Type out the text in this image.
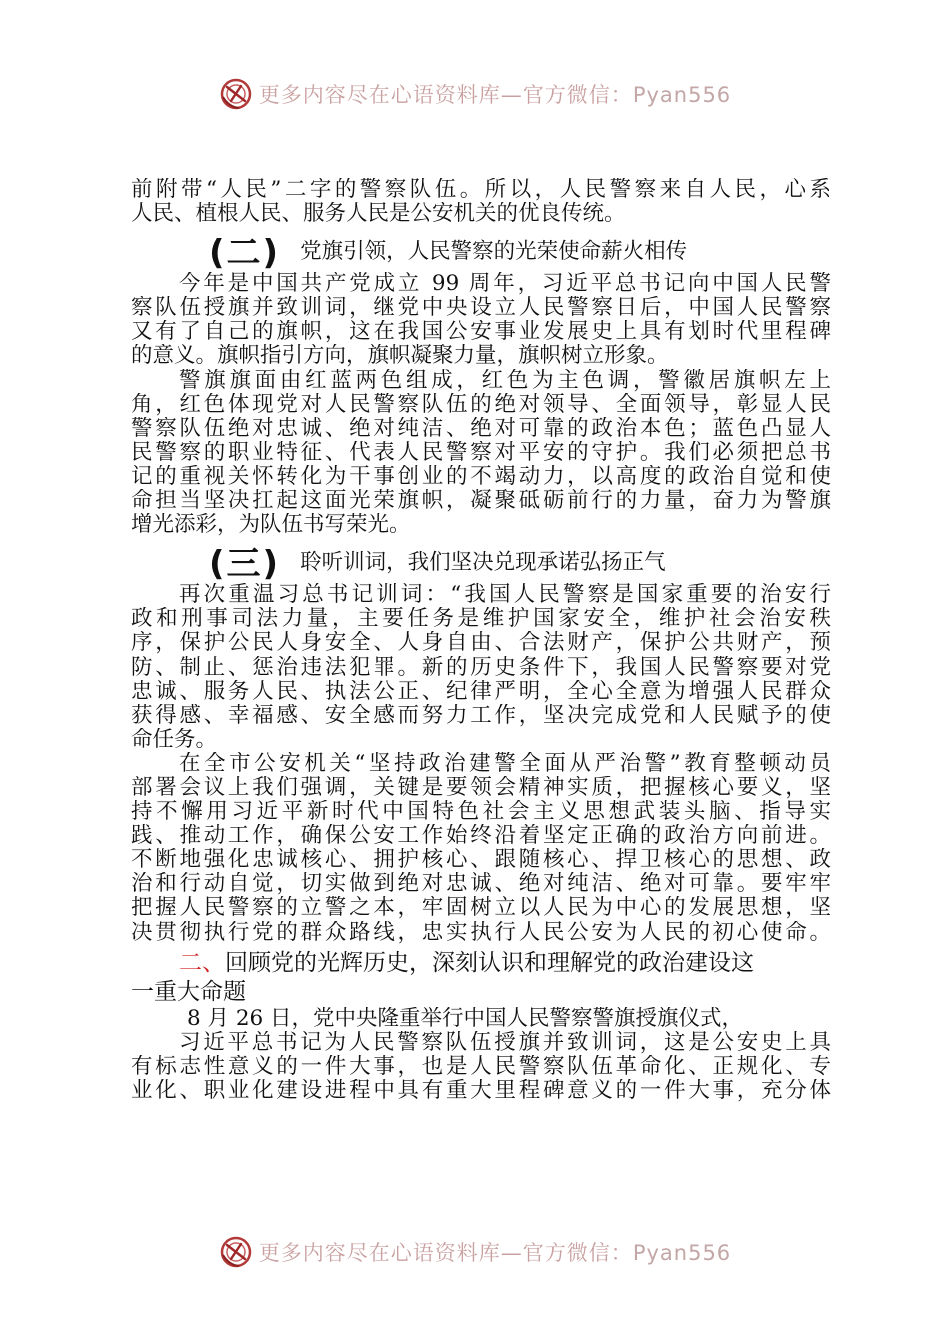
更多内容尽在心语资料库—官方微信：Pyan556
前附带“人民”二字的警察队伍。所以，人民警察来自人民，心系
人民、植根人民、服务人民是公安机关的优良传统。
(二) 党旗引领，人民警察的光荣使命薪火相传
今年是中国共产党成立 99 周年，习近平总书记向中国人民警
察队伍授旗并致训词，继党中央设立人民警察日后，中国人民警察
又有了自己的旗帜，这在我国公安事业发展史上具有划时代里程碑
的意义。旗帜指引方向，旗帜凝聚力量，旗帜树立形象。
警旗旗面由红蓝两色组成，红色为主色调，警徽居旗帜左上
角，红色体现党对人民警察队伍的绝对领导、全面领导，彰显人民
警察队伍绝对忠诚、绝对纯洁、绝对可靠的政治本色；蓝色凸显人
民警察的职业特征、代表人民警察对平安的守护。我们必须把总书
记的重视关怀转化为干事创业的不竭动力，以高度的政治自觉和使
命担当坚决扛起这面光荣旗帜，凝聚砥砺前行的力量，奋力为警旗
增光添彩，为队伍书写荣光。
(三) 聆听训词，我们坚决兑现承诺弘扬正气
再次重温习总书记训词：“我国人民警察是国家重要的治安行
政和刑事司法力量，主要任务是维护国家安全，维护社会治安秩
序，保护公民人身安全、人身自由、合法财产，保护公共财产，预
防、制止、惩治违法犯罪。新的历史条件下，我国人民警察要对党
忠诚、服务人民、执法公正、纪律严明，全心全意为增强人民群众
获得感、幸福感、安全感而努力工作，坚决完成党和人民赋予的使
命任务。
在全市公安机关“坚持政治建警全面从严治警”教育整顿动员
部署会议上我们强调，关键是要领会精神实质，把握核心要义，坚
持不懈用习近平新时代中国特色社会主义思想武装头脑、指导实
践、推动工作，确保公安工作始终沿着坚定正确的政治方向前进。
不断地强化忠诚核心、拥护核心、跟随核心、捍卫核心的思想、政
治和行动自觉，切实做到绝对忠诚、绝对纯洁、绝对可靠。要牢牢
把握人民警察的立警之本，牢固树立以人民为中心的发展思想，坚
决贯彻执行党的群众路线，忠实执行人民公安为人民的初心使命。
二、回顾党的光辉历史，深刻认识和理解党的政治建设这
一重大命题
8 月 26 日，党中央隆重举行中国人民警察警旗授旗仪式，
习近平总书记为人民警察队伍授旗并致训词，这是公安史上具
有标志性意义的一件大事，也是人民警察队伍革命化、正规化、专
业化、职业化建设进程中具有重大里程碑意义的一件大事，充分体
更多内容尽在心语资料库—官方微信：Pyan556
